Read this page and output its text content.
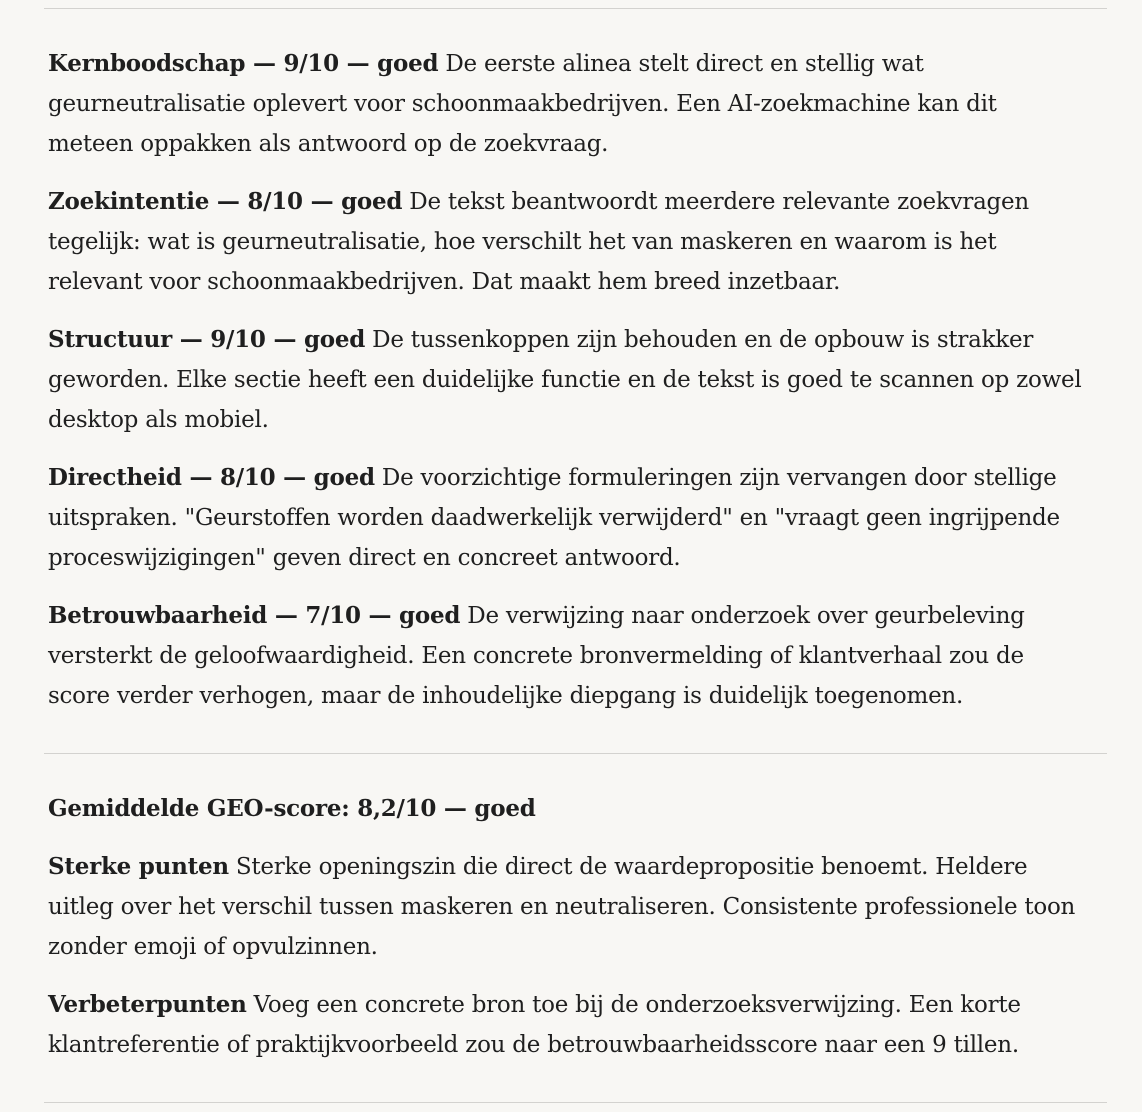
Kernboodschap — 9/10 — goed De eerste alinea stelt direct en stellig wat geurneutralisatie oplevert voor schoonmaakbedrijven. Een AI-zoekmachine kan dit meteen oppakken als antwoord op de zoekvraag.

Zoekintentie — 8/10 — goed De tekst beantwoordt meerdere relevante zoekvragen tegelijk: wat is geurneutralisatie, hoe verschilt het van maskeren en waarom is het relevant voor schoonmaakbedrijven. Dat maakt hem breed inzetbaar.

Structuur — 9/10 — goed De tussenkoppen zijn behouden en de opbouw is strakker geworden. Elke sectie heeft een duidelijke functie en de tekst is goed te scannen op zowel desktop als mobiel.

Directheid — 8/10 — goed De voorzichtige formuleringen zijn vervangen door stellige uitspraken. "Geurstoffen worden daadwerkelijk verwijderd" en "vraagt geen ingrijpende proceswijzigingen" geven direct en concreet antwoord.

Betrouwbaarheid — 7/10 — goed De verwijzing naar onderzoek over geurbeleving versterkt de geloofwaardigheid. Een concrete bronvermelding of klantverhaal zou de score verder verhogen, maar de inhoudelijke diepgang is duidelijk toegenomen.

Gemiddelde GEO-score: 8,2/10 — goed

Sterke punten Sterke openingszin die direct de waardepropositie benoemt. Heldere uitleg over het verschil tussen maskeren en neutraliseren. Consistente professionele toon zonder emoji of opvulzinnen.

Verbeterpunten Voeg een concrete bron toe bij de onderzoeksverwijzing. Een korte klantreferentie of praktijkvoorbeeld zou de betrouwbaarheidsscore naar een 9 tillen.
